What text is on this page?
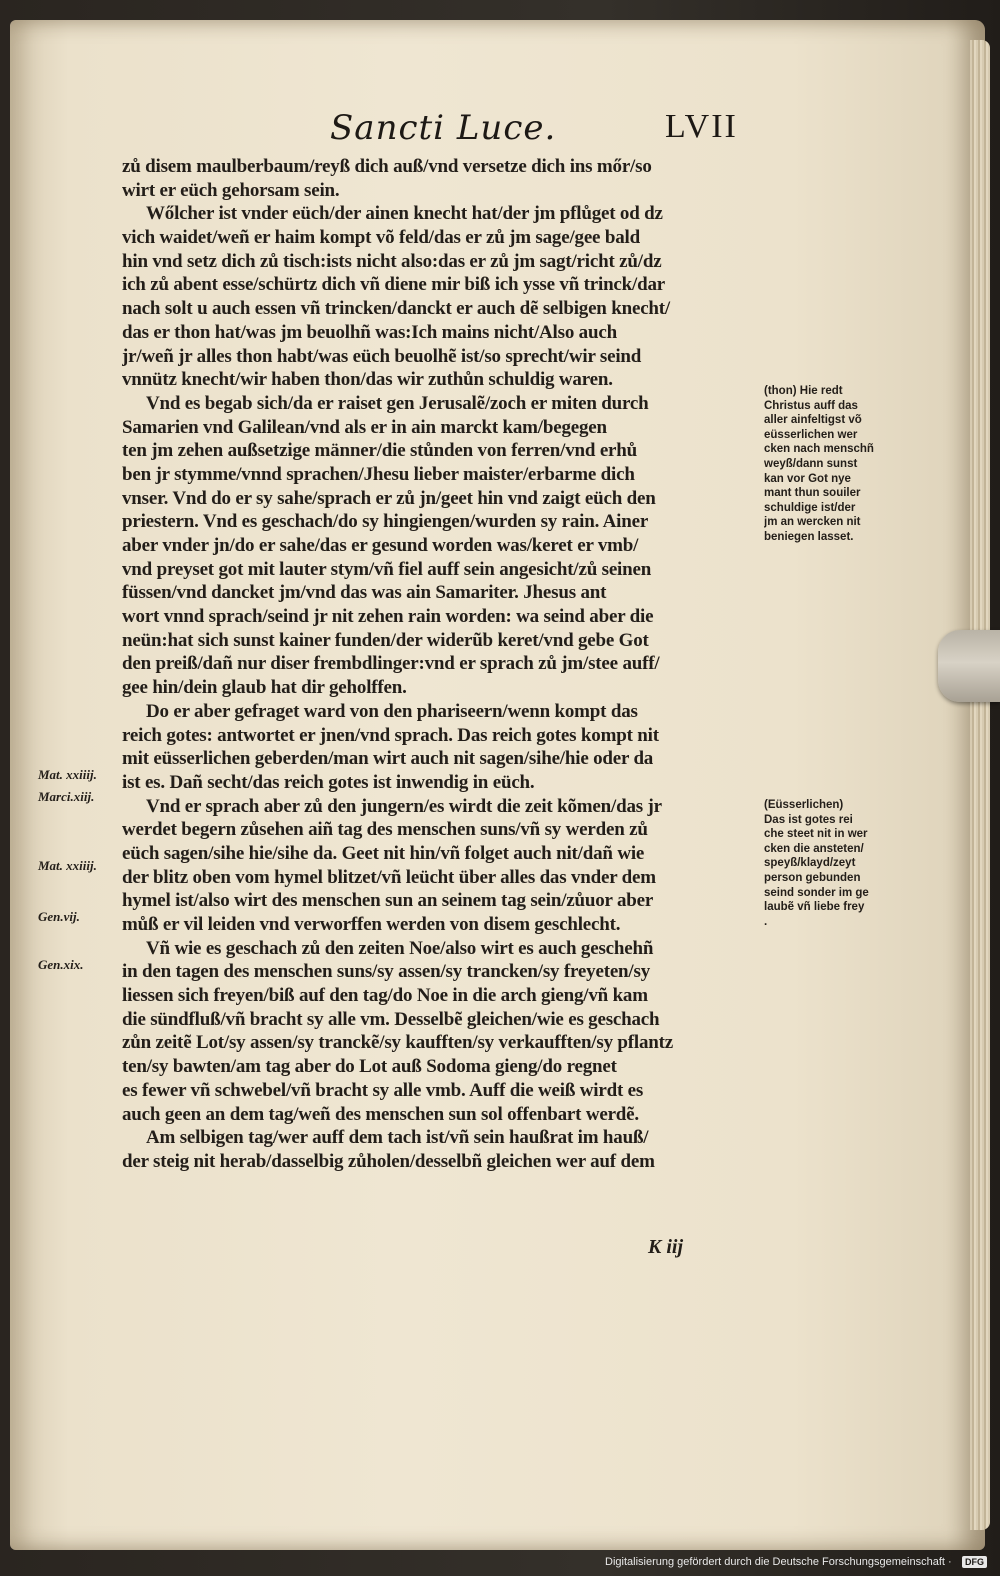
Sancti Luce.	LVII
zů disem maulberbaum/reyß dich auß/vnd versetze dich ins mőr/so
wirt er eüch gehorsam sein.
Wőlcher ist vnder eüch/der ainen knecht hat/der jm pflůget od dz
vich waidet/weñ er haim kompt võ feld/das er zů jm sage/gee bald
hin vnd setz dich zů tisch:ists nicht also:das er zů jm sagt/richt zů/dz
ich zů abent esse/schürtz dich vñ diene mir biß ich ysse vñ trinck/dar
nach solt u auch essen vñ trincken/danckt er auch dẽ selbigen knecht/
das er thon hat/was jm beuolhñ was:Ich mains nicht/Also auch
jr/weñ jr alles thon habt/was eüch beuolhẽ ist/so sprecht/wir seind
vnnütz knecht/wir haben thon/das wir zuthůn schuldig waren.
Vnd es begab sich/da er raiset gen Jerusalẽ/zoch er miten durch
Samarien vnd Galilean/vnd als er in ain marckt kam/begegen
ten jm zehen außsetzige männer/die stůnden von ferren/vnd erhů
ben jr stymme/vnnd sprachen/Jhesu lieber maister/erbarme dich
vnser. Vnd do er sy sahe/sprach er zů jn/geet hin vnd zaigt eüch den
priestern. Vnd es geschach/do sy hingiengen/wurden sy rain. Ainer
aber vnder jn/do er sahe/das er gesund worden was/keret er vmb/
vnd preyset got mit lauter stym/vñ fiel auff sein angesicht/zů seinen
füssen/vnd dancket jm/vnd das was ain Samariter. Jhesus ant
wort vnnd sprach/seind jr nit zehen rain worden: wa seind aber die
neün:hat sich sunst kainer funden/der widerũb keret/vnd gebe Got
den preiß/dañ nur diser frembdlinger:vnd er sprach zů jm/stee auff/
gee hin/dein glaub hat dir geholffen.
Do er aber gefraget ward von den phariseern/wenn kompt das
reich gotes: antwortet er jnen/vnd sprach. Das reich gotes kompt nit
mit eüsserlichen geberden/man wirt auch nit sagen/sihe/hie oder da
ist es. Dañ secht/das reich gotes ist inwendig in eüch.
Vnd er sprach aber zů den jungern/es wirdt die zeit kõmen/das jr
werdet begern zůsehen aiñ tag des menschen suns/vñ sy werden zů
eüch sagen/sihe hie/sihe da. Geet nit hin/vñ folget auch nit/dañ wie
der blitz oben vom hymel blitzet/vñ leücht über alles das vnder dem
hymel ist/also wirt des menschen sun an seinem tag sein/zůuor aber
můß er vil leiden vnd verworffen werden von disem geschlecht.
Vñ wie es geschach zů den zeiten Noe/also wirt es auch geschehñ
in den tagen des menschen suns/sy assen/sy trancken/sy freyeten/sy
liessen sich freyen/biß auf den tag/do Noe in die arch gieng/vñ kam
die sündfluß/vñ bracht sy alle vm. Desselbẽ gleichen/wie es geschach
zůn zeitẽ Lot/sy assen/sy tranckẽ/sy kaufften/sy verkaufften/sy pflantz
ten/sy bawten/am tag aber do Lot auß Sodoma gieng/do regnet
es fewer vñ schwebel/vñ bracht sy alle vmb. Auff die weiß wirdt es
auch geen an dem tag/weñ des menschen sun sol offenbart werdẽ.
Am selbigen tag/wer auff dem tach ist/vñ sein haußrat im hauß/
der steig nit herab/dasselbig zůholen/desselbñ gleichen wer auf dem
K iij
(thon) Hie redt
Christus auff das
aller ainfeltigst võ
eüsserlichen wer
cken nach menschñ
weyß/dann sunst
kan vor Got nye
mant thun souiler
schuldige ist/der
jm an wercken nit
beniegen lasset.
(Eüsserlichen)
Das ist gotes rei
che steet nit in wer
cken die ansteten/
speyß/klayd/zeyt
person gebunden
seind sonder im ge
laubẽ vñ liebe frey
.
Mat. xxiiij.
Marci.xiij.
Mat. xxiiij.
Gen.vij.
Gen.xix.
Digitalisierung gefördert durch die Deutsche Forschungsgemeinschaft ·	DFG
